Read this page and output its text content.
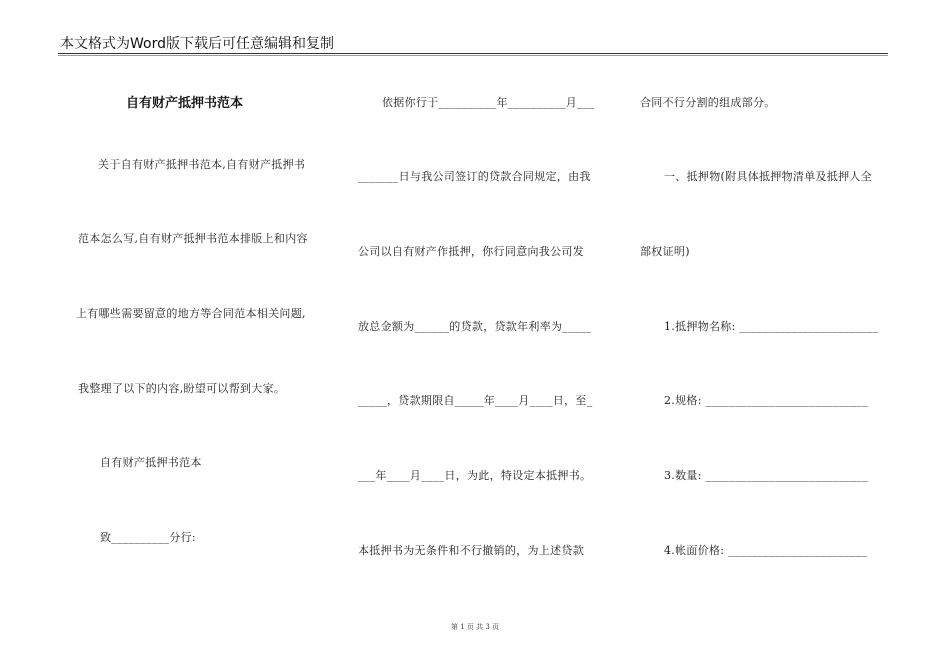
本文格式为Word版下载后可任意编辑和复制
自有财产抵押书范本
关于自有财产抵押书范本,自有财产抵押书
范本怎么写,自有财产抵押书范本排版上和内容
上有哪些需要留意的地方等合同范本相关问题,
我整理了以下的内容,盼望可以帮到大家。
自有财产抵押书范本
致__________分行:
依据你行于__________年__________月___
_______日与我公司签订的贷款合同规定，由我
公司以自有财产作抵押，你行同意向我公司发
放总金额为______的贷款，贷款年利率为_____
_____，贷款期限自_____年____月____日，至_
___年____月____日，为此，特设定本抵押书。
本抵押书为无条件和不行撤销的，为上述贷款
合同不行分割的组成部分。
一、抵押物(附具体抵押物清单及抵押人全
部权证明)
1.抵押物名称: ________________________
2.规格: ____________________________
3.数量: ____________________________
4.帐面价格: ________________________
第 1 页 共 3 页
